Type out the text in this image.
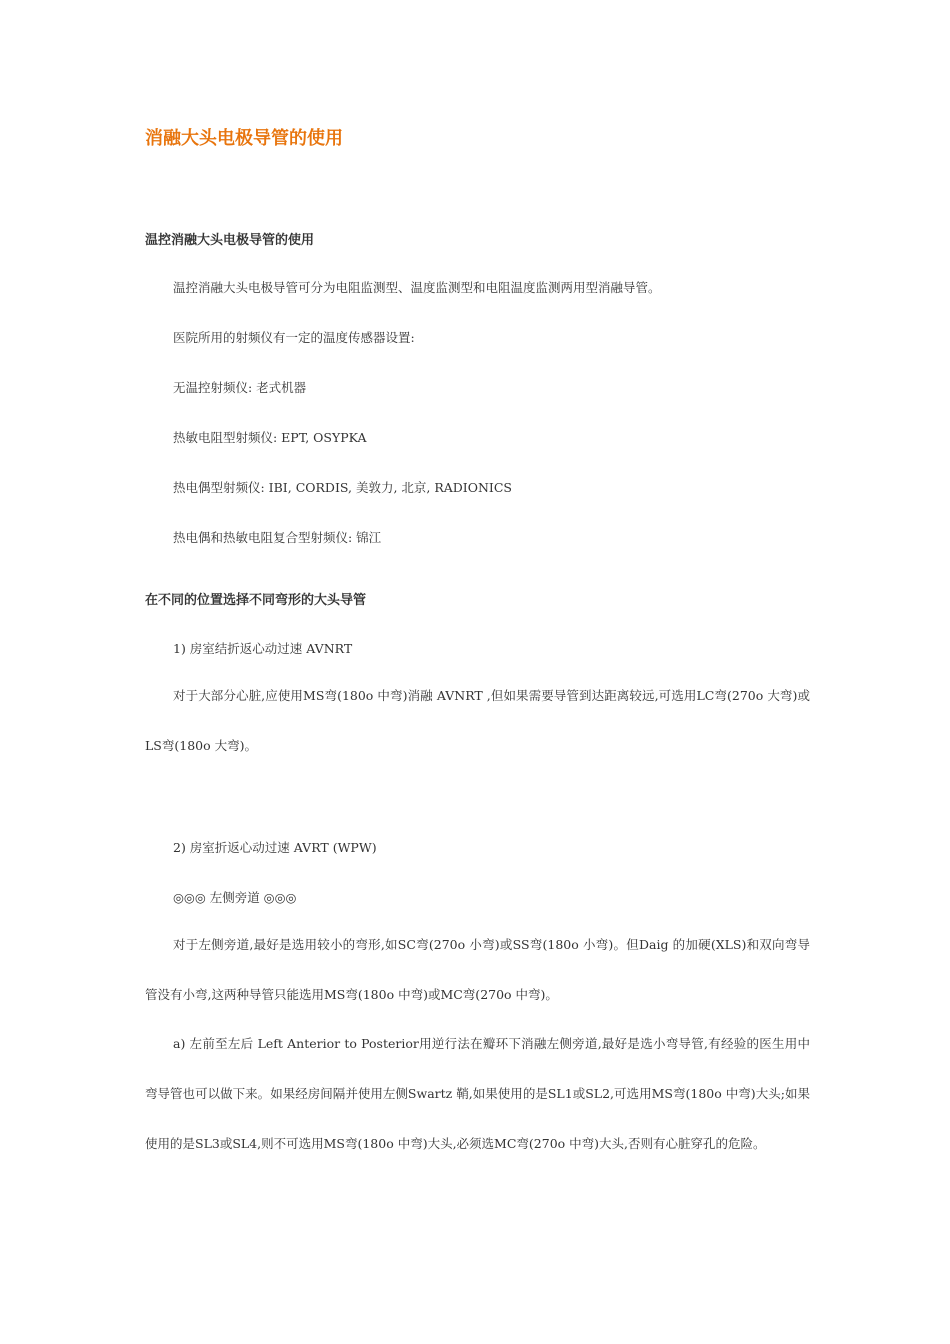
消融大头电极导管的使用
温控消融大头电极导管的使用

温控消融大头电极导管可分为电阻监测型、温度监测型和电阻温度监测两用型消融导管。

医院所用的射频仪有一定的温度传感器设置:

无温控射频仪: 老式机器

热敏电阻型射频仪: EPT, OSYPKA

热电偶型射频仪: IBI, CORDIS, 美敦力, 北京, RADIONICS

热电偶和热敏电阻复合型射频仪: 锦江

在不同的位置选择不同弯形的大头导管

1) 房室结折返心动过速 AVNRT

对于大部分心脏,应使用MS弯(180o 中弯)消融 AVNRT ,但如果需要导管到达距离较远,可选用LC弯(270o 大弯)或LS弯(180o 大弯)。

2) 房室折返心动过速 AVRT (WPW)

◎◎◎ 左侧旁道 ◎◎◎

对于左侧旁道,最好是选用较小的弯形,如SC弯(270o 小弯)或SS弯(180o 小弯)。但Daig 的加硬(XLS)和双向弯导管没有小弯,这两种导管只能选用MS弯(180o 中弯)或MC弯(270o 中弯)。

a) 左前至左后 Left Anterior to Posterior用逆行法在瓣环下消融左侧旁道,最好是选小弯导管,有经验的医生用中弯导管也可以做下来。如果经房间隔并使用左侧Swartz 鞘,如果使用的是SL1或SL2,可选用MS弯(180o 中弯)大头;如果使用的是SL3或SL4,则不可选用MS弯(180o 中弯)大头,必须选MC弯(270o 中弯)大头,否则有心脏穿孔的危险。
